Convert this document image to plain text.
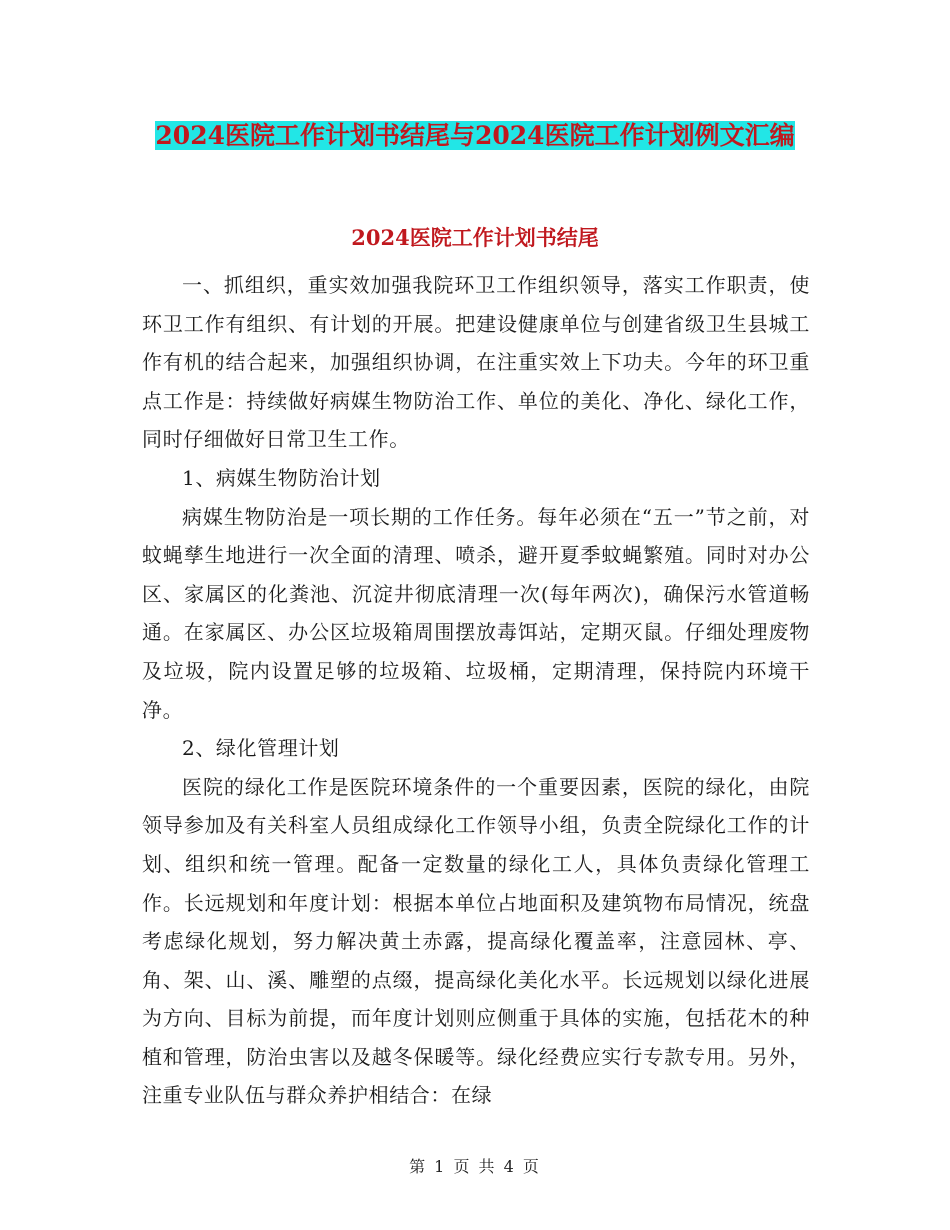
2024医院工作计划书结尾与2024医院工作计划例文汇编
2024医院工作计划书结尾

一、抓组织，重实效加强我院环卫工作组织领导，落实工作职责，使环卫工作有组织、有计划的开展。把建设健康单位与创建省级卫生县城工作有机的结合起来，加强组织协调，在注重实效上下功夫。今年的环卫重点工作是：持续做好病媒生物防治工作、单位的美化、净化、绿化工作，同时仔细做好日常卫生工作。

1、病媒生物防治计划

病媒生物防治是一项长期的工作任务。每年必须在“五一”节之前，对蚊蝇孳生地进行一次全面的清理、喷杀，避开夏季蚊蝇繁殖。同时对办公区、家属区的化粪池、沉淀井彻底清理一次(每年两次)，确保污水管道畅通。在家属区、办公区垃圾箱周围摆放毒饵站，定期灭鼠。仔细处理废物及垃圾，院内设置足够的垃圾箱、垃圾桶，定期清理，保持院内环境干净。

2、绿化管理计划

医院的绿化工作是医院环境条件的一个重要因素，医院的绿化，由院领导参加及有关科室人员组成绿化工作领导小组，负责全院绿化工作的计划、组织和统一管理。配备一定数量的绿化工人，具体负责绿化管理工作。长远规划和年度计划：根据本单位占地面积及建筑物布局情况，统盘考虑绿化规划，努力解决黄土赤露，提高绿化覆盖率，注意园林、亭、角、架、山、溪、雕塑的点缀，提高绿化美化水平。长远规划以绿化进展为方向、目标为前提，而年度计划则应侧重于具体的实施，包括花木的种植和管理，防治虫害以及越冬保暖等。绿化经费应实行专款专用。另外，注重专业队伍与群众养护相结合：在绿

第 1 页 共 4 页
